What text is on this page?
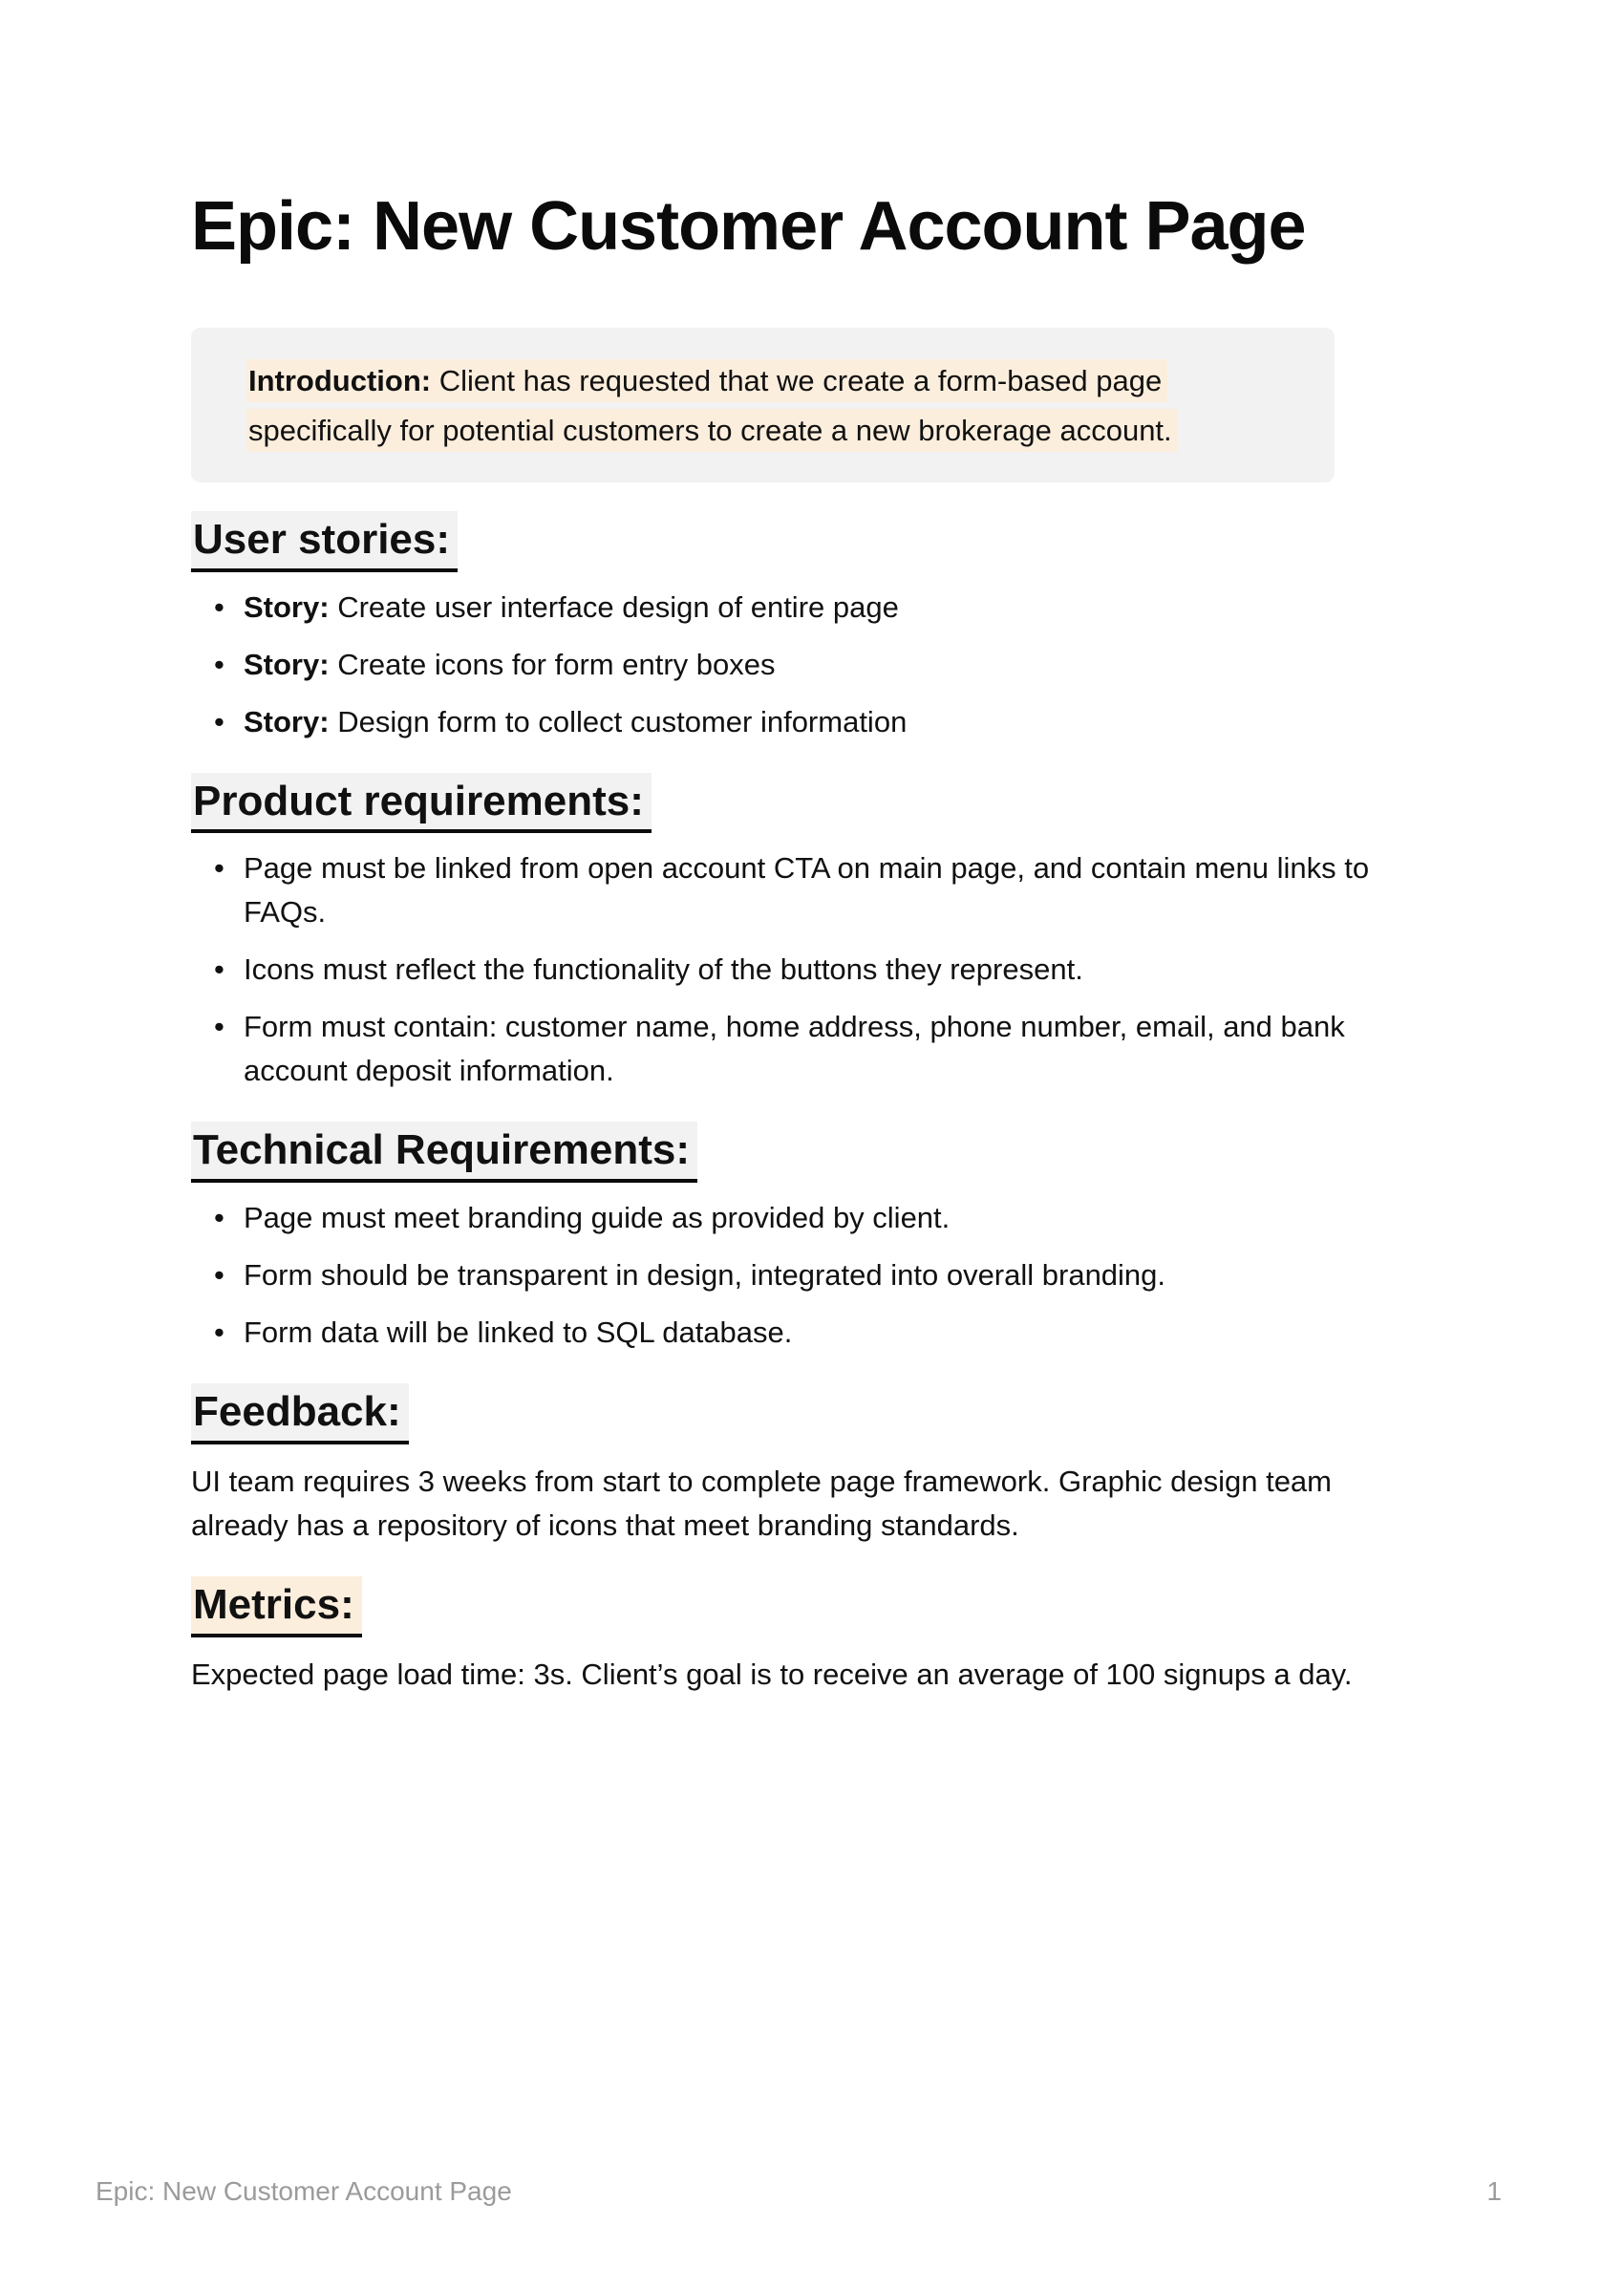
Epic: New Customer Account Page
Introduction: Client has requested that we create a form-based page specifically for potential customers to create a new brokerage account.
User stories:
• Story: Create user interface design of entire page
• Story: Create icons for form entry boxes
• Story: Design form to collect customer information
Product requirements:
• Page must be linked from open account CTA on main page, and contain menu links to FAQs.
• Icons must reflect the functionality of the buttons they represent.
• Form must contain: customer name, home address, phone number, email, and bank account deposit information.
Technical Requirements:
• Page must meet branding guide as provided by client.
• Form should be transparent in design, integrated into overall branding.
• Form data will be linked to SQL database.
Feedback:

UI team requires 3 weeks from start to complete page framework. Graphic design team already has a repository of icons that meet branding standards.

Metrics:

Expected page load time: 3s. Client’s goal is to receive an average of 100 signups a day.

Epic: New Customer Account Page	1
